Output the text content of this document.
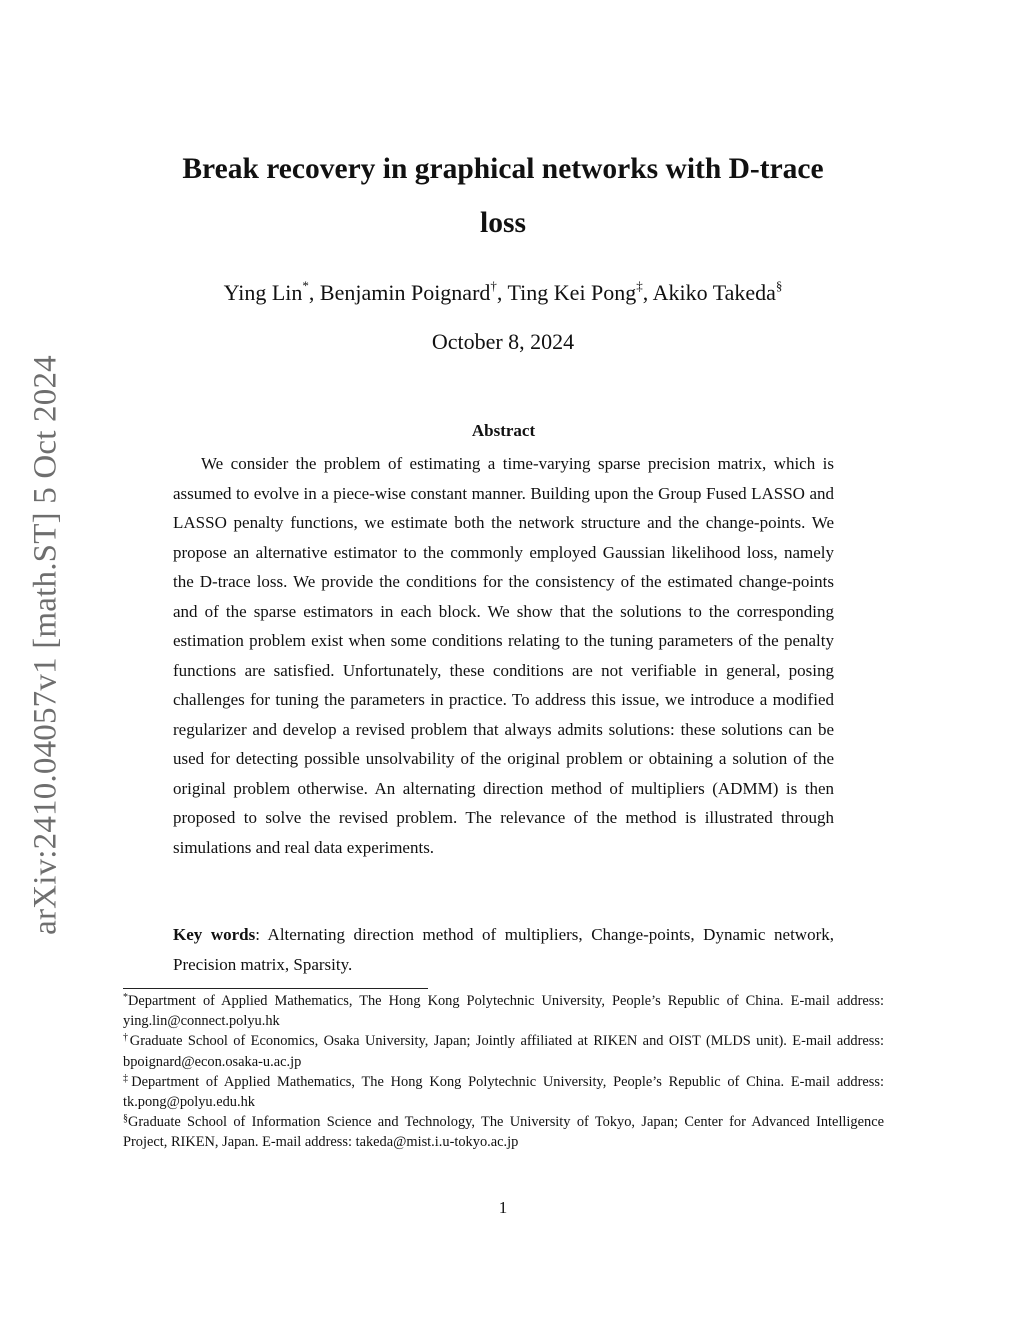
arXiv:2410.04057v1 [math.ST] 5 Oct 2024
Break recovery in graphical networks with D-trace
loss
Ying Lin*, Benjamin Poignard†, Ting Kei Pong‡, Akiko Takeda§
October 8, 2024
Abstract

We consider the problem of estimating a time-varying sparse precision matrix, which is assumed to evolve in a piece-wise constant manner. Building upon the Group Fused LASSO and LASSO penalty functions, we estimate both the network structure and the change-points. We propose an alternative estimator to the commonly employed Gaussian likelihood loss, namely the D-trace loss. We provide the conditions for the consistency of the estimated change-points and of the sparse estimators in each block. We show that the solutions to the corresponding estimation problem exist when some conditions relating to the tuning parameters of the penalty functions are satisfied. Unfortunately, these conditions are not verifiable in general, posing challenges for tuning the parameters in practice. To address this issue, we introduce a modified regularizer and develop a revised problem that always admits solutions: these solutions can be used for detecting possible unsolvability of the original problem or obtaining a solution of the original problem otherwise. An alternating direction method of multipliers (ADMM) is then proposed to solve the revised problem. The relevance of the method is illustrated through simulations and real data experiments.

Key words: Alternating direction method of multipliers, Change-points, Dynamic network, Precision matrix, Sparsity.

*Department of Applied Mathematics, The Hong Kong Polytechnic University, People’s Republic of China. E-mail address: ying.lin@connect.polyu.hk

†Graduate School of Economics, Osaka University, Japan; Jointly affiliated at RIKEN and OIST (MLDS unit). E-mail address: bpoignard@econ.osaka-u.ac.jp

‡Department of Applied Mathematics, The Hong Kong Polytechnic University, People’s Republic of China. E-mail address: tk.pong@polyu.edu.hk

§Graduate School of Information Science and Technology, The University of Tokyo, Japan; Center for Advanced Intelligence Project, RIKEN, Japan. E-mail address: takeda@mist.i.u-tokyo.ac.jp

1
